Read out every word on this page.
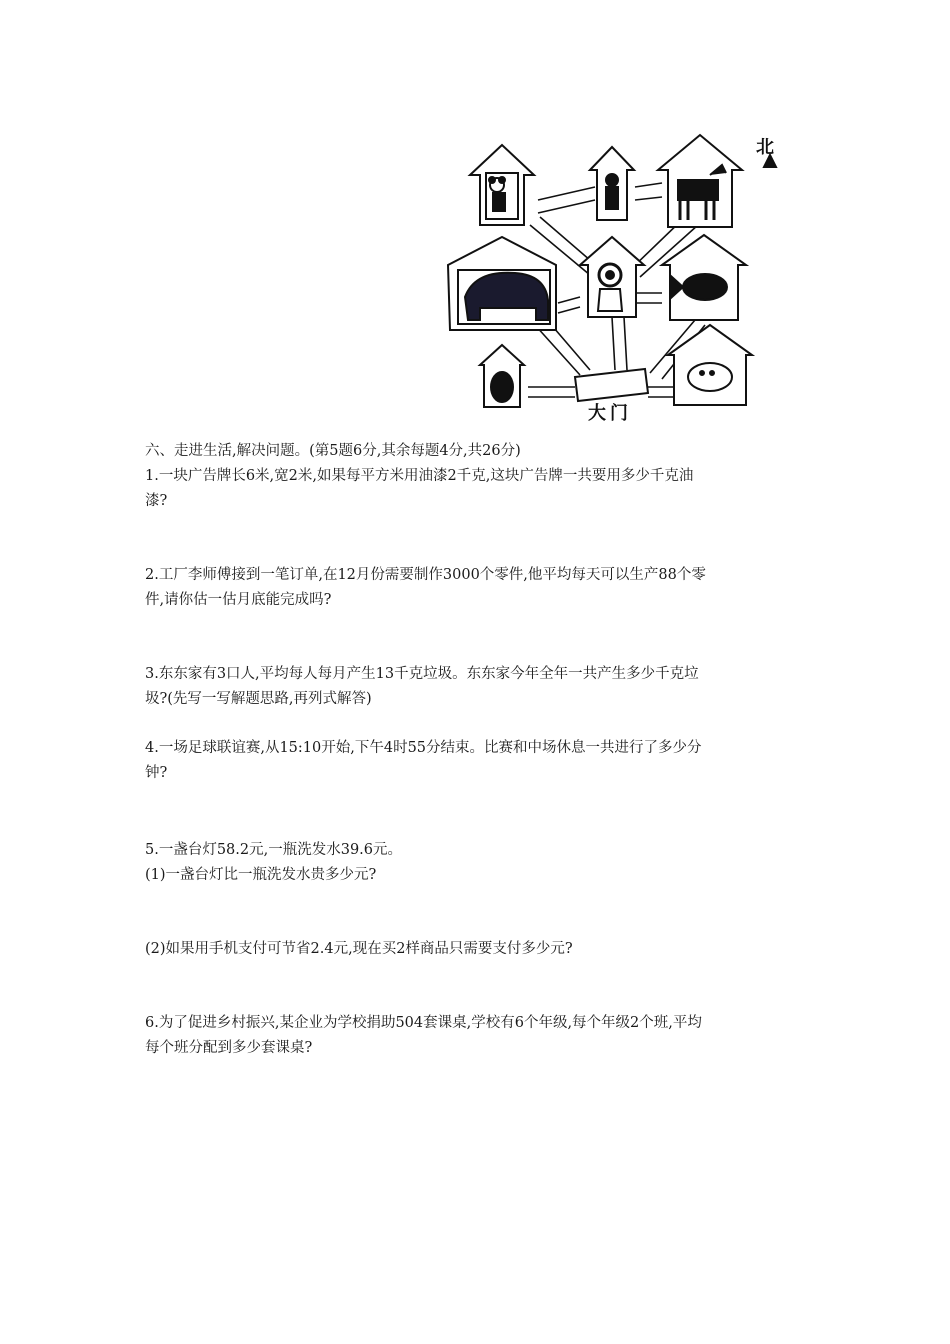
北
大门
六、走进生活,解决问题。(第5题6分,其余每题4分,共26分)
1.一块广告牌长6米,宽2米,如果每平方米用油漆2千克,这块广告牌一共要用多少千克油
漆?
2.工厂李师傅接到一笔订单,在12月份需要制作3000个零件,他平均每天可以生产88个零
件,请你估一估月底能完成吗?
3.东东家有3口人,平均每人每月产生13千克垃圾。东东家今年全年一共产生多少千克垃
圾?(先写一写解题思路,再列式解答)
4.一场足球联谊赛,从15:10开始,下午4时55分结束。比赛和中场休息一共进行了多少分
钟?
5.一盏台灯58.2元,一瓶洗发水39.6元。
(1)一盏台灯比一瓶洗发水贵多少元?
(2)如果用手机支付可节省2.4元,现在买2样商品只需要支付多少元?
6.为了促进乡村振兴,某企业为学校捐助504套课桌,学校有6个年级,每个年级2个班,平均
每个班分配到多少套课桌?
